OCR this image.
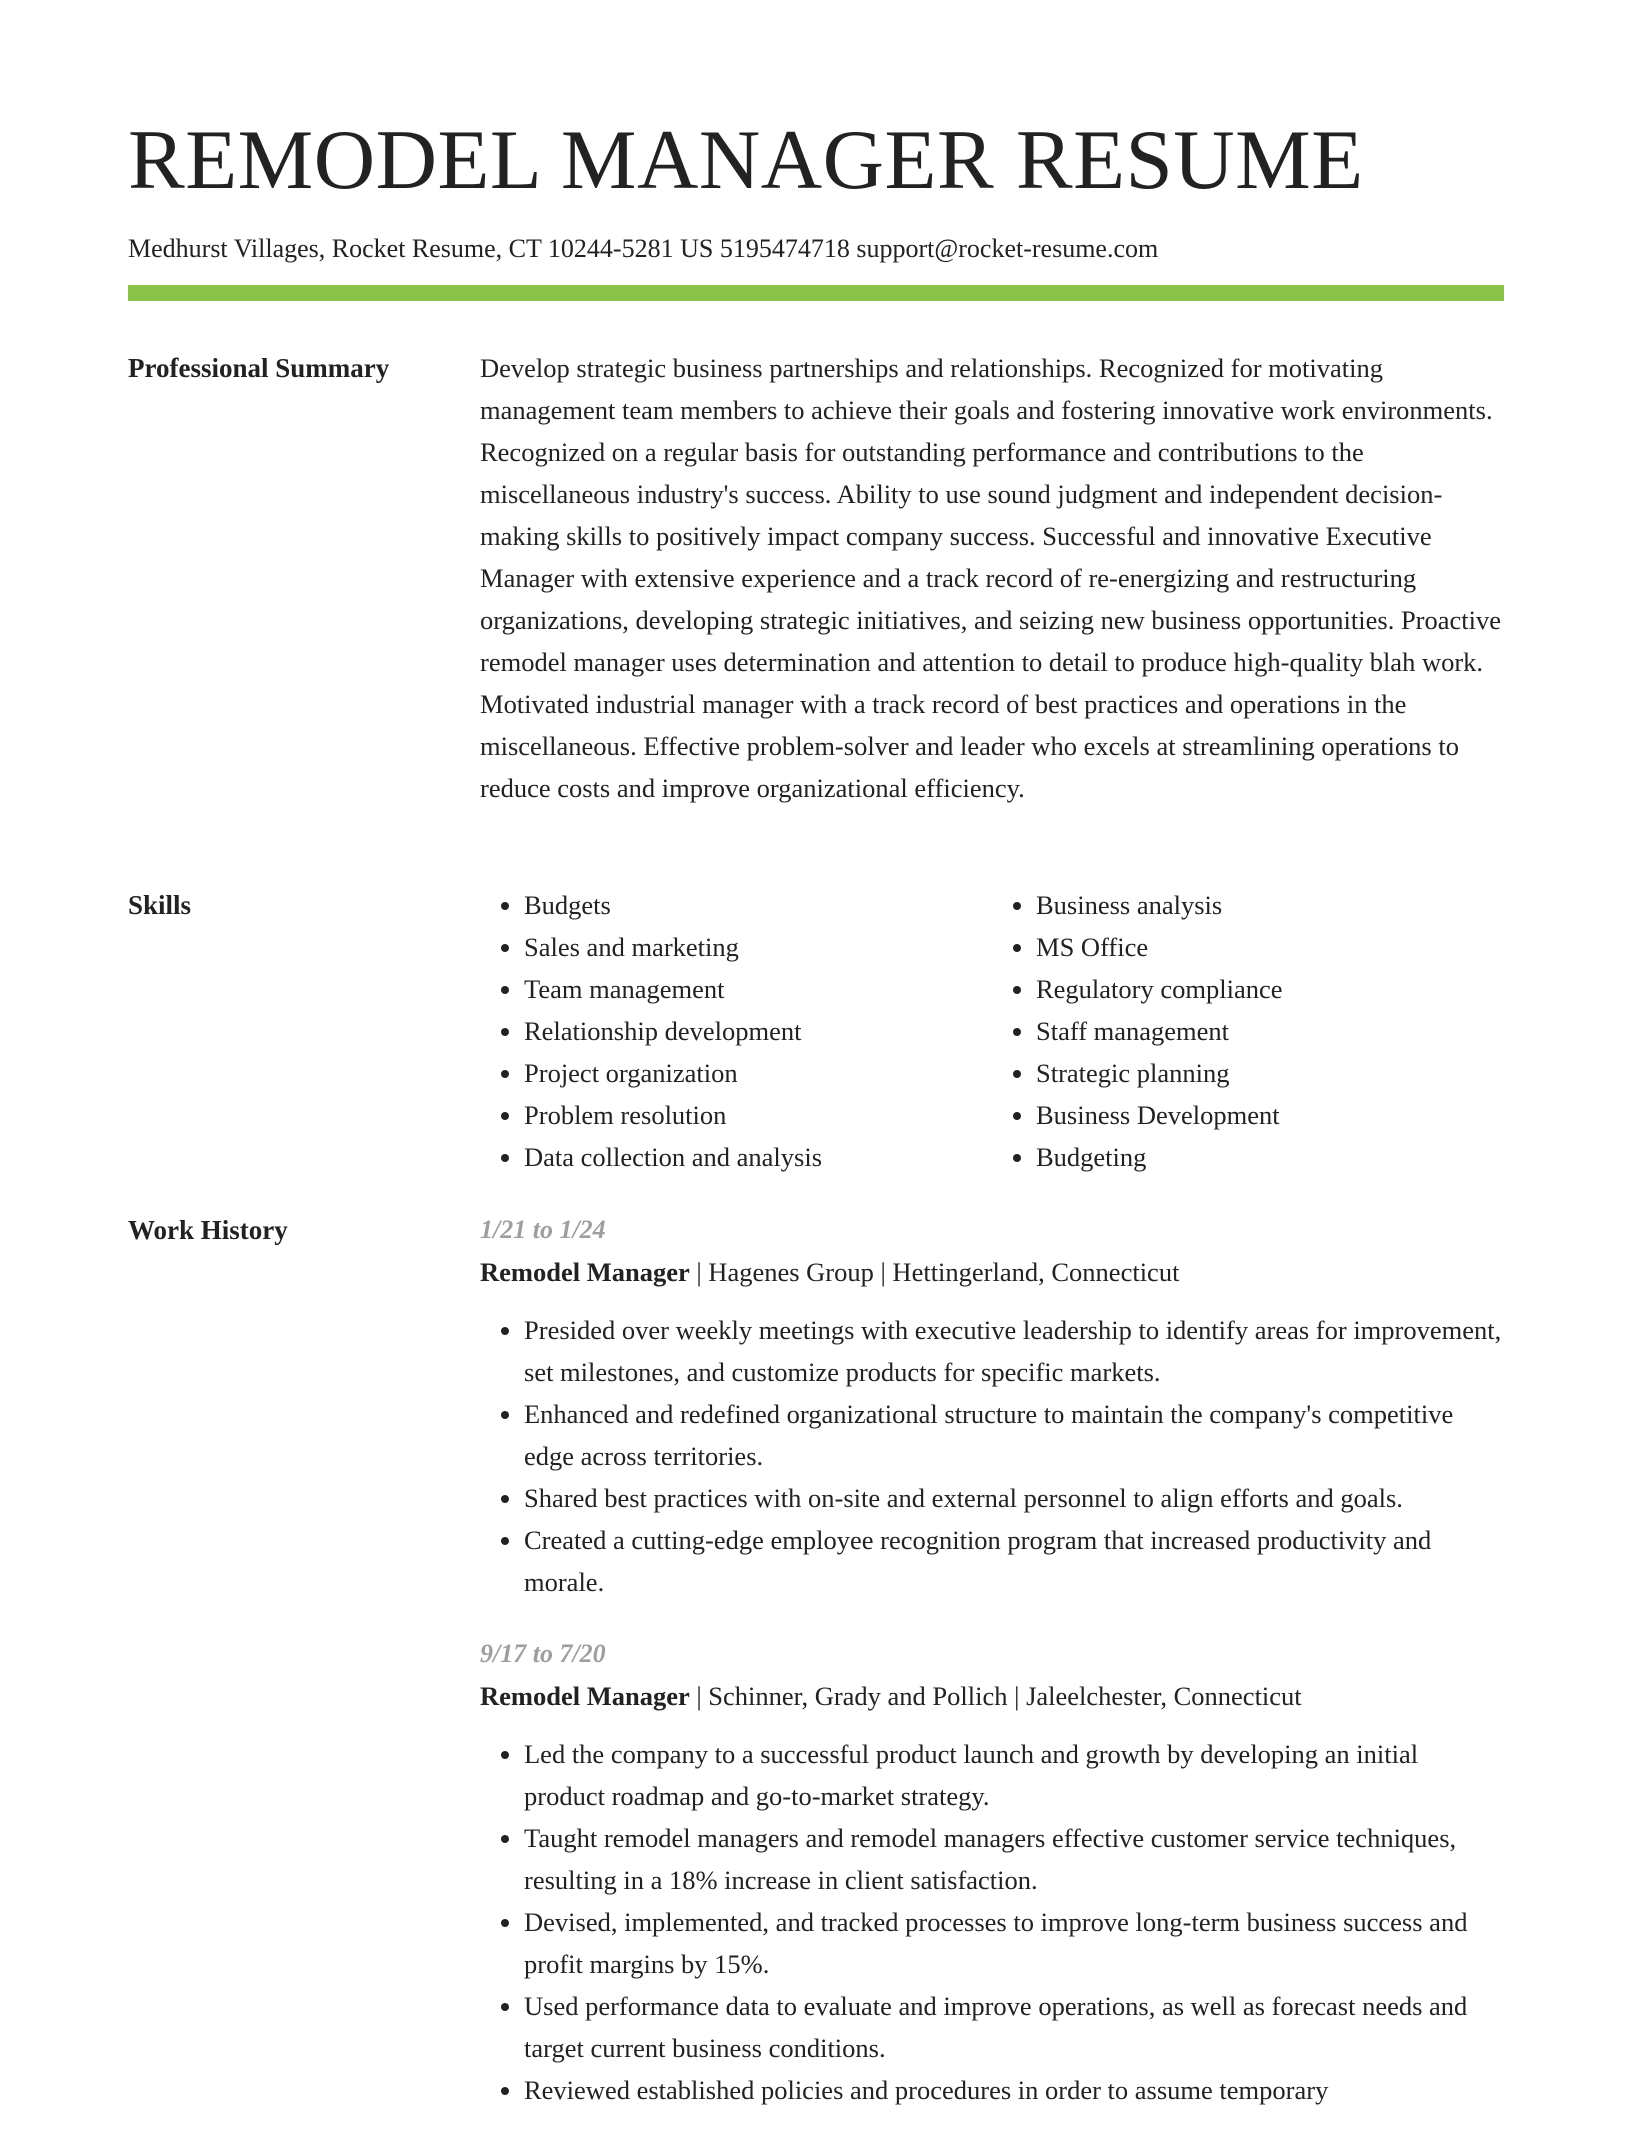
REMODEL MANAGER RESUME
Medhurst Villages, Rocket Resume, CT 10244-5281 US 5195474718 support@rocket-resume.com
Professional Summary	Develop strategic business partnerships and relationships. Recognized for motivating management team members to achieve their goals and fostering innovative work environments. Recognized on a regular basis for outstanding performance and contributions to the miscellaneous industry's success. Ability to use sound judgment and independent decision-making skills to positively impact company success. Successful and innovative Executive Manager with extensive experience and a track record of re-energizing and restructuring organizations, developing strategic initiatives, and seizing new business opportunities. Proactive remodel manager uses determination and attention to detail to produce high-quality blah work. Motivated industrial manager with a track record of best practices and operations in the miscellaneous. Effective problem-solver and leader who excels at streamlining operations to reduce costs and improve organizational efficiency.

Skills
•	Budgets
• Sales and marketing
• Team management
• Relationship development
• Project organization
• Problem resolution
• Data collection and analysis
• Business analysis
• MS Office
• Regulatory compliance
• Staff management
• Strategic planning
• Business Development
• Budgeting
Work History	1/21 to 1/24
Remodel Manager | Hagenes Group | Hettingerland, Connecticut
• Presided over weekly meetings with executive leadership to identify areas for improvement, set milestones, and customize products for specific markets.
• Enhanced and redefined organizational structure to maintain the company's competitive edge across territories.
• Shared best practices with on-site and external personnel to align efforts and goals.
• Created a cutting-edge employee recognition program that increased productivity and morale.
9/17 to 7/20
Remodel Manager | Schinner, Grady and Pollich | Jaleelchester, Connecticut
• Led the company to a successful product launch and growth by developing an initial product roadmap and go-to-market strategy.
• Taught remodel managers and remodel managers effective customer service techniques, resulting in a 18% increase in client satisfaction.
• Devised, implemented, and tracked processes to improve long-term business success and profit margins by 15%.
• Used performance data to evaluate and improve operations, as well as forecast needs and target current business conditions.
• Reviewed established policies and procedures in order to assume temporary
